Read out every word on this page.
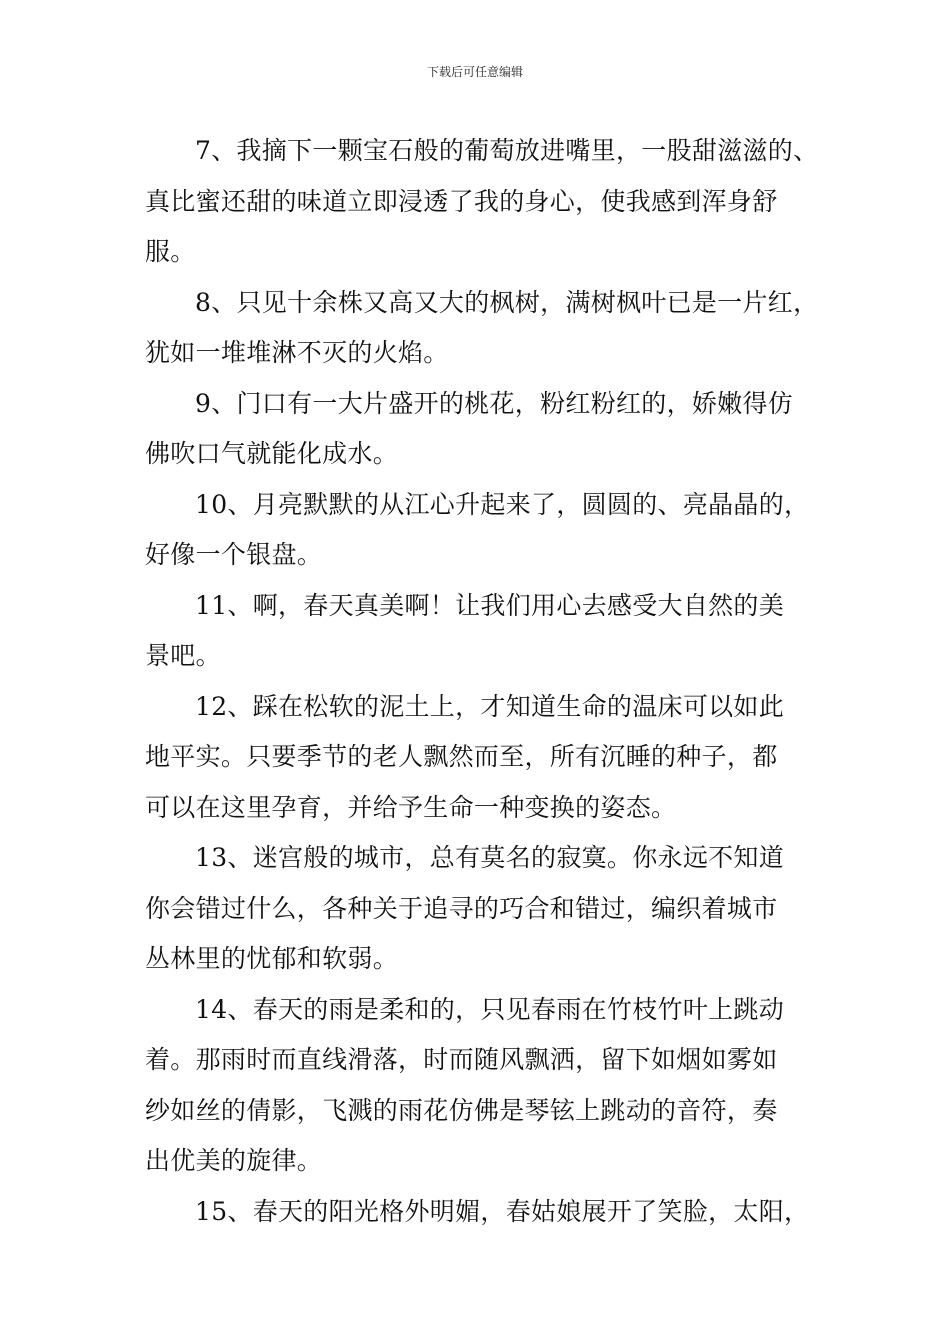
下载后可任意编辑
7、我摘下一颗宝石般的葡萄放进嘴里，一股甜滋滋的、
真比蜜还甜的味道立即浸透了我的身心，使我感到浑身舒
服。
8、只见十余株又高又大的枫树，满树枫叶已是一片红，
犹如一堆堆淋不灭的火焰。
9、门口有一大片盛开的桃花，粉红粉红的，娇嫩得仿
佛吹口气就能化成水。
10、月亮默默的从江心升起来了，圆圆的、亮晶晶的，
好像一个银盘。
11、啊，春天真美啊！让我们用心去感受大自然的美
景吧。
12、踩在松软的泥土上，才知道生命的温床可以如此
地平实。只要季节的老人飘然而至，所有沉睡的种子，都
可以在这里孕育，并给予生命一种变换的姿态。
13、迷宫般的城市，总有莫名的寂寞。你永远不知道
你会错过什么，各种关于追寻的巧合和错过，编织着城市
丛林里的忧郁和软弱。
14、春天的雨是柔和的，只见春雨在竹枝竹叶上跳动
着。那雨时而直线滑落，时而随风飘洒，留下如烟如雾如
纱如丝的倩影，飞溅的雨花仿佛是琴铉上跳动的音符，奏
出优美的旋律。
15、春天的阳光格外明媚，春姑娘展开了笑脸，太阳，
